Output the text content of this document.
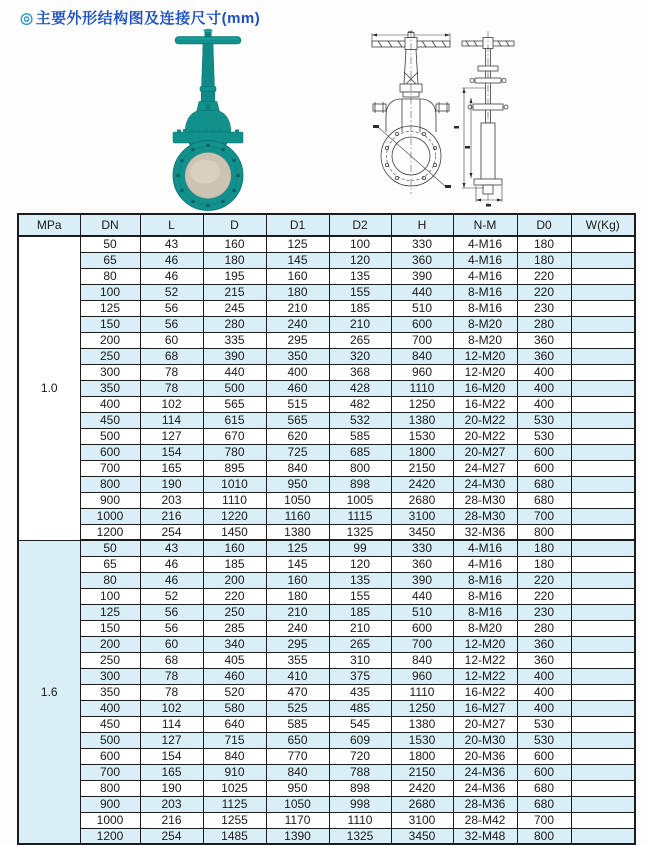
◎ 主要外形结构图及连接尺寸(mm)
MPa	DN	L	D	D1	D2	H	N-M	D0	W(Kg)
1.0	50	43	160	125	100	330	4-M16	180	
	65	46	180	145	120	360	4-M16	180	
	80	46	195	160	135	390	4-M16	220	
	100	52	215	180	155	440	8-M16	220	
	125	56	245	210	185	510	8-M16	230	
	150	56	280	240	210	600	8-M20	280	
	200	60	335	295	265	700	8-M20	360	
	250	68	390	350	320	840	12-M20	360	
	300	78	440	400	368	960	12-M20	400	
	350	78	500	460	428	1110	16-M20	400	
	400	102	565	515	482	1250	16-M22	400	
	450	114	615	565	532	1380	20-M22	530	
	500	127	670	620	585	1530	20-M22	530	
	600	154	780	725	685	1800	20-M27	600	
	700	165	895	840	800	2150	24-M27	600	
	800	190	1010	950	898	2420	24-M30	680	
	900	203	1110	1050	1005	2680	28-M30	680	
	1000	216	1220	1160	1115	3100	28-M30	700	
	1200	254	1450	1380	1325	3450	32-M36	800	
1.6	50	43	160	125	99	330	4-M16	180	
	65	46	185	145	120	360	4-M16	180	
	80	46	200	160	135	390	8-M16	220	
	100	52	220	180	155	440	8-M16	220	
	125	56	250	210	185	510	8-M16	230	
	150	56	285	240	210	600	8-M20	280	
	200	60	340	295	265	700	12-M20	360	
	250	68	405	355	310	840	12-M22	360	
	300	78	460	410	375	960	12-M22	400	
	350	78	520	470	435	1110	16-M22	400	
	400	102	580	525	485	1250	16-M27	400	
	450	114	640	585	545	1380	20-M27	530	
	500	127	715	650	609	1530	20-M30	530	
	600	154	840	770	720	1800	20-M36	600	
	700	165	910	840	788	2150	24-M36	600	
	800	190	1025	950	898	2420	24-M36	680	
	900	203	1125	1050	998	2680	28-M36	680	
	1000	216	1255	1170	1110	3100	28-M42	700	
	1200	254	1485	1390	1325	3450	32-M48	800	
